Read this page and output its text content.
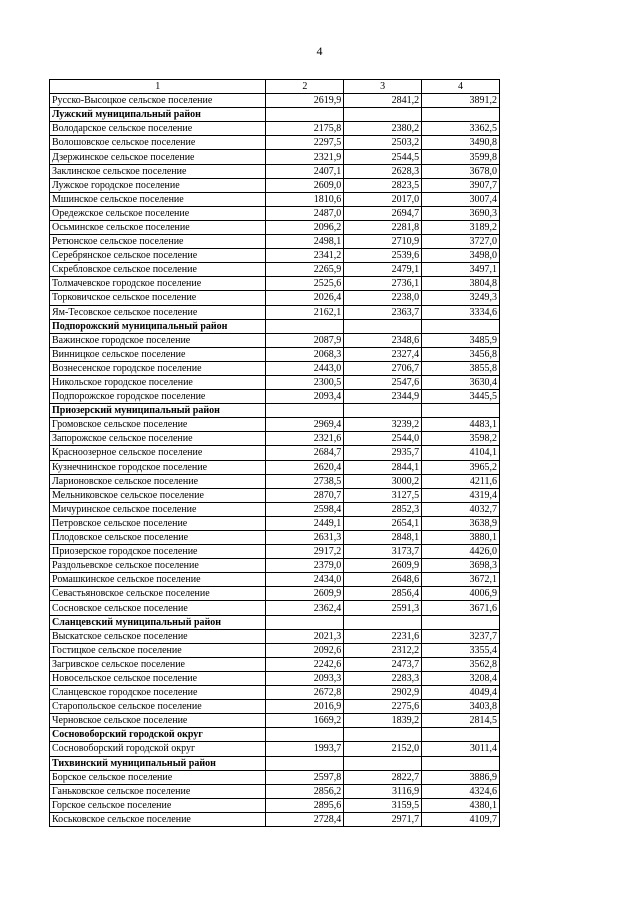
4
1	2	3	4
Русско-Высоцкое сельское поселение	2619,9	2841,2	3891,2
Лужский муниципальный район			
Володарское сельское поселение	2175,8	2380,2	3362,5
Волошовское сельское поселение	2297,5	2503,2	3490,8
Дзержинское сельское поселение	2321,9	2544,5	3599,8
Заклинское сельское поселение	2407,1	2628,3	3678,0
Лужское городское поселение	2609,0	2823,5	3907,7
Мшинское сельское поселение	1810,6	2017,0	3007,4
Оредежское сельское поселение	2487,0	2694,7	3690,3
Осьминское сельское поселение	2096,2	2281,8	3189,2
Ретюнское сельское поселение	2498,1	2710,9	3727,0
Серебрянское сельское поселение	2341,2	2539,6	3498,0
Скребловское сельское поселение	2265,9	2479,1	3497,1
Толмачевское городское поселение	2525,6	2736,1	3804,8
Торковичское сельское поселение	2026,4	2238,0	3249,3
Ям-Тесовское сельское поселение	2162,1	2363,7	3334,6
Подпорожский муниципальный район			
Важинское городское поселение	2087,9	2348,6	3485,9
Винницкое сельское поселение	2068,3	2327,4	3456,8
Вознесенское городское поселение	2443,0	2706,7	3855,8
Никольское городское поселение	2300,5	2547,6	3630,4
Подпорожское городское поселение	2093,4	2344,9	3445,5
Приозерский муниципальный район			
Громовское сельское поселение	2969,4	3239,2	4483,1
Запорожское сельское поселение	2321,6	2544,0	3598,2
Красноозерное сельское поселение	2684,7	2935,7	4104,1
Кузнечнинское городское поселение	2620,4	2844,1	3965,2
Ларионовское сельское поселение	2738,5	3000,2	4211,6
Мельниковское сельское поселение	2870,7	3127,5	4319,4
Мичуринское сельское поселение	2598,4	2852,3	4032,7
Петровское сельское поселение	2449,1	2654,1	3638,9
Плодовское сельское поселение	2631,3	2848,1	3880,1
Приозерское городское поселение	2917,2	3173,7	4426,0
Раздольевское сельское поселение	2379,0	2609,9	3698,3
Ромашкинское сельское поселение	2434,0	2648,6	3672,1
Севастьяновское сельское поселение	2609,9	2856,4	4006,9
Сосновское сельское поселение	2362,4	2591,3	3671,6
Сланцевский муниципальный район			
Выскатское сельское поселение	2021,3	2231,6	3237,7
Гостицкое сельское поселение	2092,6	2312,2	3355,4
Загривское сельское поселение	2242,6	2473,7	3562,8
Новосельское сельское поселение	2093,3	2283,3	3208,4
Сланцевское городское поселение	2672,8	2902,9	4049,4
Старопольское сельское поселение	2016,9	2275,6	3403,8
Черновское сельское поселение	1669,2	1839,2	2814,5
Сосновоборский городской округ			
Сосновоборский городской округ	1993,7	2152,0	3011,4
Тихвинский муниципальный район			
Борское сельское поселение	2597,8	2822,7	3886,9
Ганьковское сельское поселение	2856,2	3116,9	4324,6
Горское сельское поселение	2895,6	3159,5	4380,1
Коськовское сельское поселение	2728,4	2971,7	4109,7
